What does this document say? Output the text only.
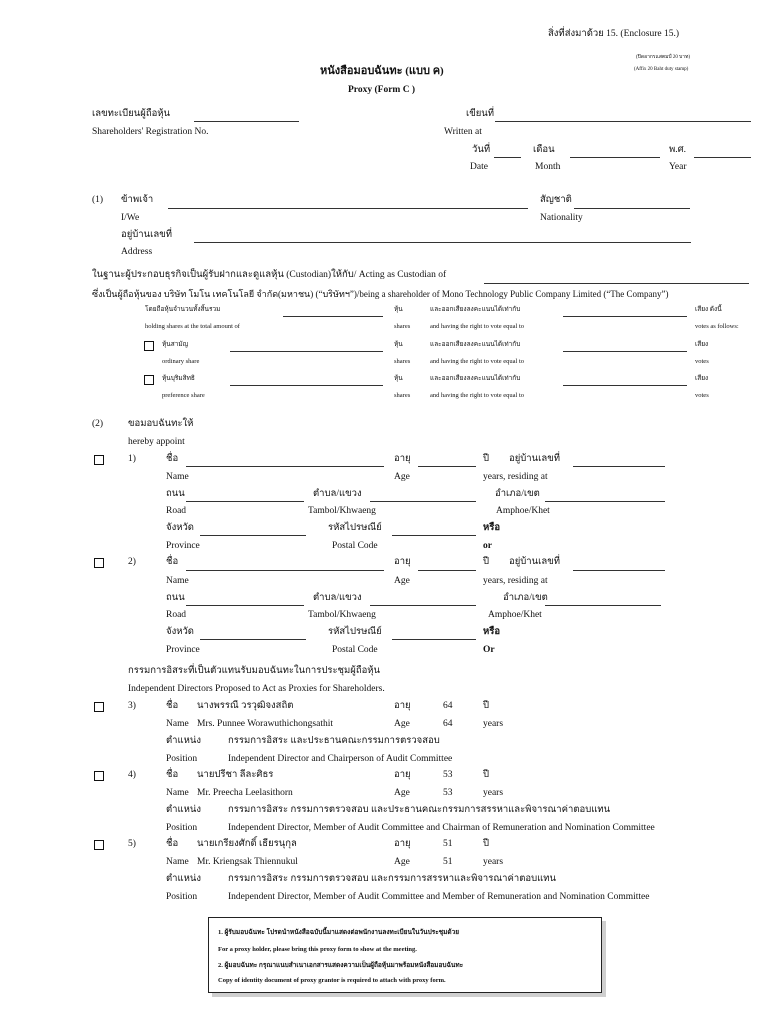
สิ่งที่ส่งมาด้วย 15. (Enclosure 15.)
(ปิดอากรแสตมป์ 20 บาท)
(Affix 20 Baht duty stamp)
หนังสือมอบฉันทะ (แบบ ค)
Proxy (Form C )
เลขทะเบียนผู้ถือหุ้น
Shareholders' Registration No.
เขียนที่
Written at
วันที่	เดือน	พ.ศ.
Date	Month	Year
(1) ข้าพเจ้า
I/We
สัญชาติ
Nationality
อยู่บ้านเลขที่
Address
ในฐานะผู้ประกอบธุรกิจเป็นผู้รับฝากและดูแลหุ้น (Custodian)ให้กับ/ Acting as Custodian of
ซึ่งเป็นผู้ถือหุ้นของ บริษัท โมโน เทคโนโลยี จำกัด(มหาชน) (“บริษัทฯ”)/being a shareholder of Mono Technology Public Company Limited (“The Company”)
โดยถือหุ้นจำนวนทั้งสิ้นรวม	หุ้น	และออกเสียงลงคะแนนได้เท่ากับ	เสียง ดังนี้
holding shares at the total amount of	shares	and having the right to vote equal to	votes as follows:
หุ้นสามัญ	หุ้น	และออกเสียงลงคะแนนได้เท่ากับ	เสียง
ordinary share	shares	and having the right to vote equal to	votes
หุ้นบุริมสิทธิ	หุ้น	และออกเสียงลงคะแนนได้เท่ากับ	เสียง
preference share	shares	and having the right to vote equal to	votes
(2)	ขอมอบฉันทะให้
hereby appoint
1)	ชื่อ	อายุ	ปี อยู่บ้านเลขที่
Name	Age	years, residing at
ถนน	ตำบล/แขวง	อำเภอ/เขต
Road	Tambol/Khwaeng	Amphoe/Khet
จังหวัด	รหัสไปรษณีย์	หรือ
Province	Postal Code	or
2)	ชื่อ	อายุ	ปี อยู่บ้านเลขที่
Name	Age	years, residing at
ถนน	ตำบล/แขวง	อำเภอ/เขต
Road	Tambol/Khwaeng	Amphoe/Khet
จังหวัด	รหัสไปรษณีย์	หรือ
Province	Postal Code	Or
กรรมการอิสระที่เป็นตัวแทนรับมอบฉันทะในการประชุมผู้ถือหุ้น
Independent Directors Proposed to Act as Proxies for Shareholders.
3)	ชื่อ นางพรรณี วรวุฒิจงสถิต	อายุ	64	ปี
Name Mrs. Punnee Worawuthichongsathit	Age	64	years
ตำแหน่ง	กรรมการอิสระ และประธานคณะกรรมการตรวจสอบ
Position	Independent Director and Chairperson of Audit Committee
4)	ชื่อ นายปรีชา ลีละศิธร	อายุ	53	ปี
Name Mr. Preecha Leelasithorn	Age	53	years
ตำแหน่ง	กรรมการอิสระ กรรมการตรวจสอบ และประธานคณะกรรมการสรรหาและพิจารณาค่าตอบแทน
Position	Independent Director, Member of Audit Committee and Chairman of Remuneration and Nomination Committee
5)	ชื่อ นายเกรียงศักดิ์ เธียรนุกุล	อายุ	51	ปี
Name Mr. Kriengsak Thiennukul	Age	51	years
ตำแหน่ง	กรรมการอิสระ กรรมการตรวจสอบ และกรรมการสรรหาและพิจารณาค่าตอบแทน
Position	Independent Director, Member of Audit Committee and Member of Remuneration and Nomination Committee
1. ผู้รับมอบฉันทะ โปรดนำหนังสือฉบับนี้มาแสดงต่อพนักงานลงทะเบียนในวันประชุมด้วย
For a proxy holder, please bring this proxy form to show at the meeting.
2. ผู้มอบฉันทะ กรุณาแนบสำเนาเอกสารแสดงความเป็นผู้ถือหุ้นมาพร้อมหนังสือมอบฉันทะ
Copy of identity document of proxy grantor is required to attach with proxy form.
